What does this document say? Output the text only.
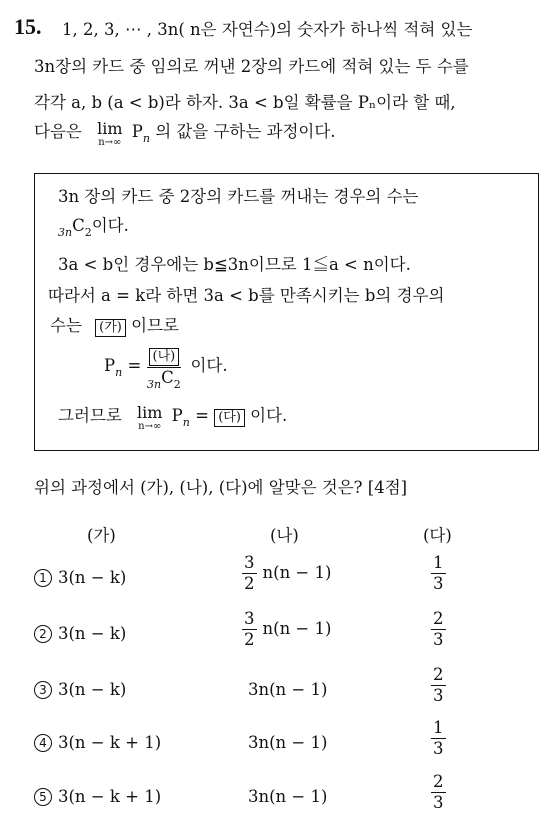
15. 1, 2, 3, ⋯ , 3n( n은 자연수)의 숫자가 하나씩 적혀 있는
3n장의 카드 중 임의로 꺼낸 2장의 카드에 적혀 있는 두 수를
각각 a, b (a < b)라 하자. 3a < b일 확률을 Pₙ이라 할 때,
다음은 lim
n→∞
$P_n$ 의 값을 구하는 과정이다.
3n 장의 카드 중 2장의 카드를 꺼내는 경우의 수는
$_{3n}C_2$이다.
3a < b인 경우에는 b≦3n이므로 1≦a < n이다.
따라서 a = k라 하면 3a < b를 만족시키는 b의 경우의
수는 (가) 이므로
$P_n = \frac{\text{(나)}}{_{3n}C_2}$ 이다.
그러므로 lim
n→∞
$P_n$ = (다) 이다.
위의 과정에서 (가), (나), (다)에 알맞은 것은? [4점]
(가)	(나)	(다)
1 3(n − k)	$\frac{3}{2} n(n - 1)$	$\frac{1}{3}$
2 3(n − k)	$\frac{3}{2} n(n - 1)$	$\frac{2}{3}$
3 3(n − k)	3n(n − 1)	$\frac{2}{3}$
4 3(n − k + 1)	3n(n − 1)	$\frac{1}{3}$
5 3(n − k + 1)	3n(n − 1)	$\frac{2}{3}$
